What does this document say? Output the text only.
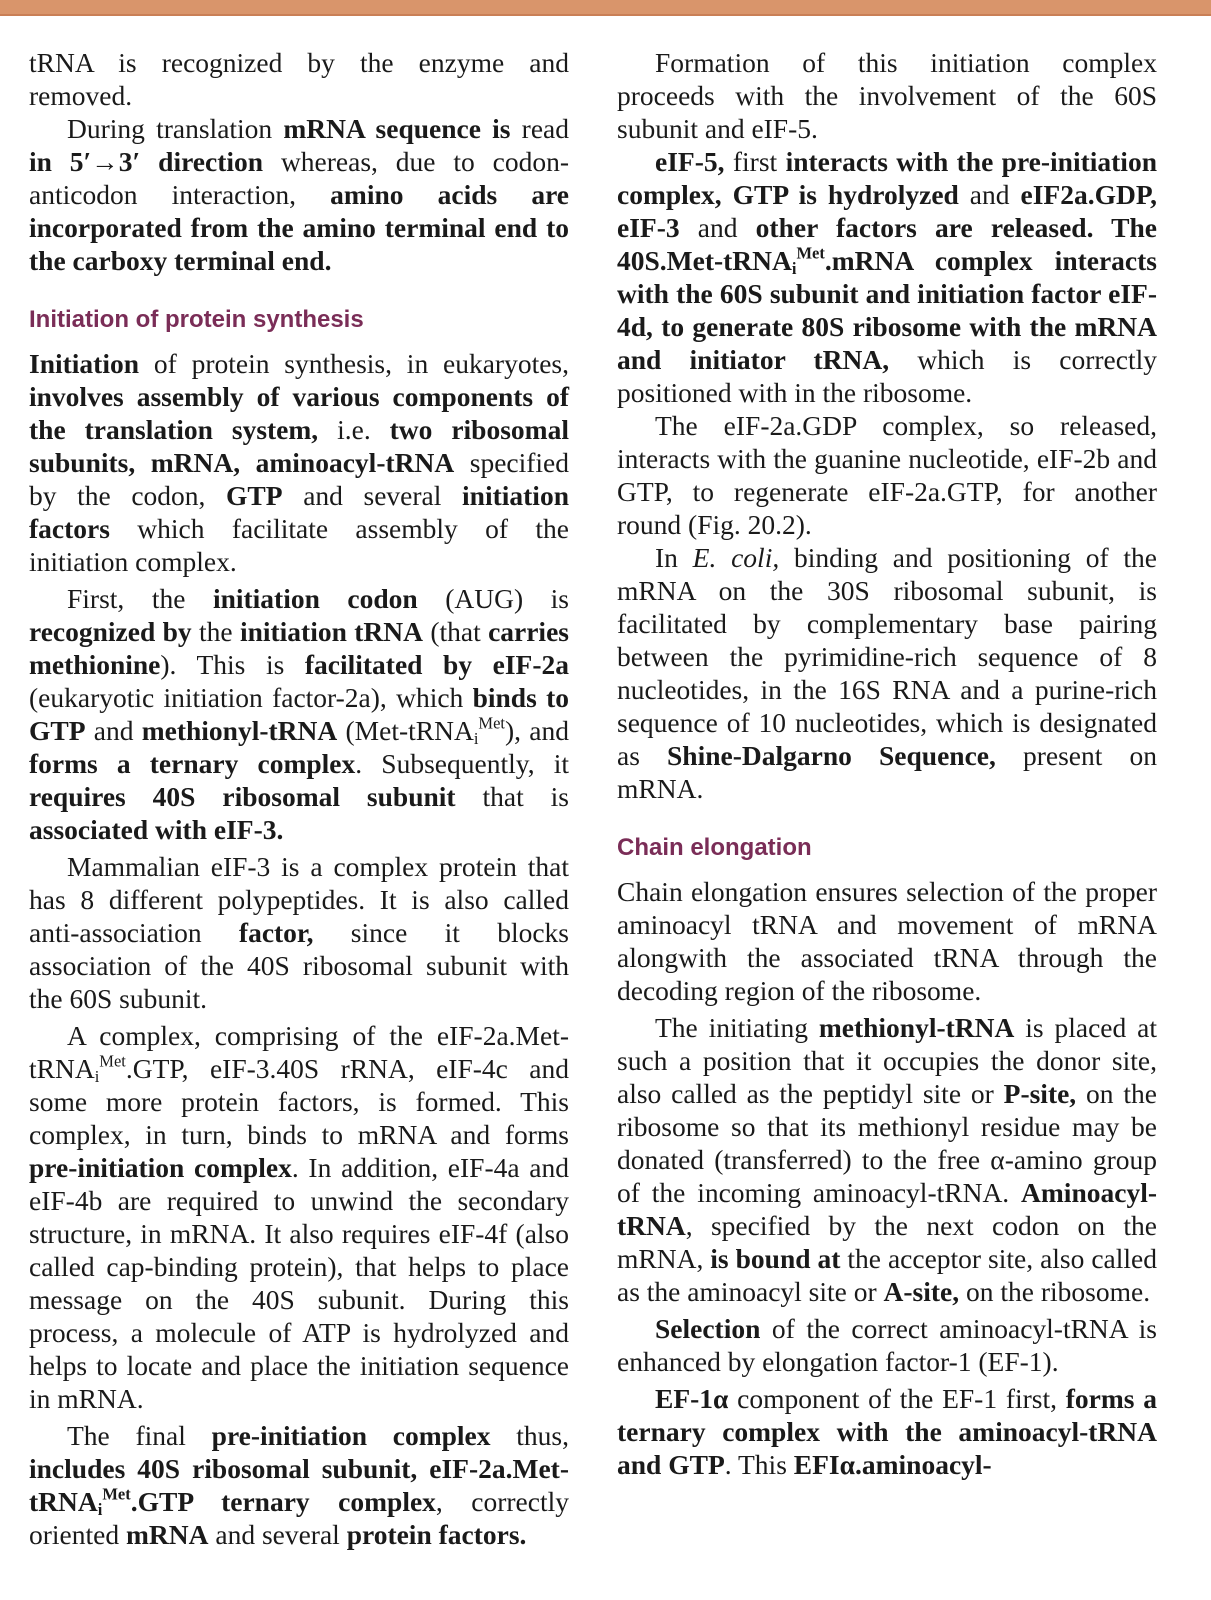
tRNA is recognized by the enzyme and removed.

During translation mRNA sequence is read in 5′→3′ direction whereas, due to codon-anticodon interaction, amino acids are incorporated from the amino terminal end to the carboxy terminal end.

Initiation of protein synthesis

Initiation of protein synthesis, in eukaryotes, involves assembly of various components of the translation system, i.e. two ribosomal subunits, mRNA, aminoacyl-tRNA specified by the codon, GTP and several initiation factors which facilitate assembly of the initiation complex.

First, the initiation codon (AUG) is recognized by the initiation tRNA (that carries methionine). This is facilitated by eIF-2a (eukaryotic initiation factor-2a), which binds to GTP and methionyl-tRNA (Met-tRNA$_i^{Met}$), and forms a ternary complex. Subsequently, it requires 40S ribosomal subunit that is associated with eIF-3.

Mammalian eIF-3 is a complex protein that has 8 different polypeptides. It is also called anti-association factor, since it blocks association of the 40S ribosomal subunit with the 60S subunit.

A complex, comprising of the eIF-2a.Met-tRNA$_i^{Met}$.GTP, eIF-3.40S rRNA, eIF-4c and some more protein factors, is formed. This complex, in turn, binds to mRNA and forms pre-initiation complex. In addition, eIF-4a and eIF-4b are required to unwind the secondary structure, in mRNA. It also requires eIF-4f (also called cap-binding protein), that helps to place message on the 40S subunit. During this process, a molecule of ATP is hydrolyzed and helps to locate and place the initiation sequence in mRNA.

The final pre-initiation complex thus, includes 40S ribosomal subunit, eIF-2a.Met-tRNA$_i^{Met}$.GTP ternary complex, correctly oriented mRNA and several protein factors.

Formation of this initiation complex proceeds with the involvement of the 60S subunit and eIF-5.

eIF-5, first interacts with the pre-initiation complex, GTP is hydrolyzed and eIF2a.GDP, eIF-3 and other factors are released. The 40S.Met-tRNA$_i^{Met}$.mRNA complex interacts with the 60S subunit and initiation factor eIF-4d, to generate 80S ribosome with the mRNA and initiator tRNA, which is correctly positioned with in the ribosome.

The eIF-2a.GDP complex, so released, interacts with the guanine nucleotide, eIF-2b and GTP, to regenerate eIF-2a.GTP, for another round (Fig. 20.2).

In E. coli, binding and positioning of the mRNA on the 30S ribosomal subunit, is facilitated by complementary base pairing between the pyrimidine-rich sequence of 8 nucleotides, in the 16S RNA and a purine-rich sequence of 10 nucleotides, which is designated as Shine-Dalgarno Sequence, present on mRNA.

Chain elongation

Chain elongation ensures selection of the proper aminoacyl tRNA and movement of mRNA alongwith the associated tRNA through the decoding region of the ribosome.

The initiating methionyl-tRNA is placed at such a position that it occupies the donor site, also called as the peptidyl site or P-site, on the ribosome so that its methionyl residue may be donated (transferred) to the free α-amino group of the incoming aminoacyl-tRNA. Aminoacyl-tRNA, specified by the next codon on the mRNA, is bound at the acceptor site, also called as the aminoacyl site or A-site, on the ribosome.

Selection of the correct aminoacyl-tRNA is enhanced by elongation factor-1 (EF-1).

EF-1α component of the EF-1 first, forms a ternary complex with the aminoacyl-tRNA and GTP. This EFIα.aminoacyl-
